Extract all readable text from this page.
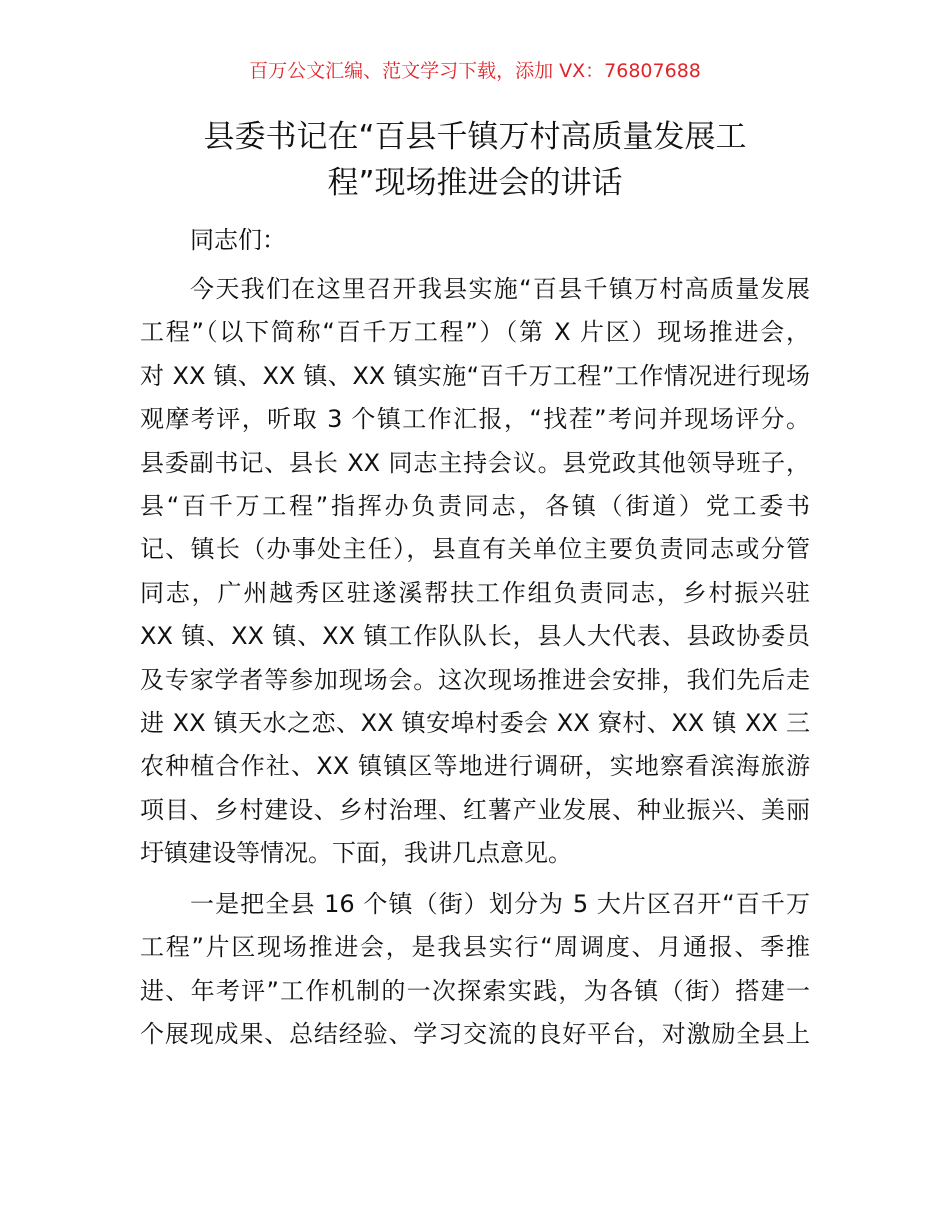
百万公文汇编、范文学习下载，添加 VX：76807688
县委书记在“百县千镇万村高质量发展工
程”现场推进会的讲话
同志们：
今天我们在这里召开我县实施“百县千镇万村高质量发展
工程”（以下简称“百千万工程”）（第 X 片区）现场推进会，
对 XX 镇、XX 镇、XX 镇实施“百千万工程”工作情况进行现场
观摩考评，听取 3 个镇工作汇报，“找茬”考问并现场评分。
县委副书记、县长 XX 同志主持会议。县党政其他领导班子，
县“百千万工程”指挥办负责同志，各镇（街道）党工委书
记、镇长（办事处主任），县直有关单位主要负责同志或分管
同志，广州越秀区驻遂溪帮扶工作组负责同志，乡村振兴驻
XX 镇、XX 镇、XX 镇工作队队长，县人大代表、县政协委员
及专家学者等参加现场会。这次现场推进会安排，我们先后走
进 XX 镇天水之恋、XX 镇安埠村委会 XX 寮村、XX 镇 XX 三
农种植合作社、XX 镇镇区等地进行调研，实地察看滨海旅游
项目、乡村建设、乡村治理、红薯产业发展、种业振兴、美丽
圩镇建设等情况。下面，我讲几点意见。
一是把全县 16 个镇（街）划分为 5 大片区召开“百千万
工程”片区现场推进会，是我县实行“周调度、月通报、季推
进、年考评”工作机制的一次探索实践，为各镇（街）搭建一
个展现成果、总结经验、学习交流的良好平台，对激励全县上
